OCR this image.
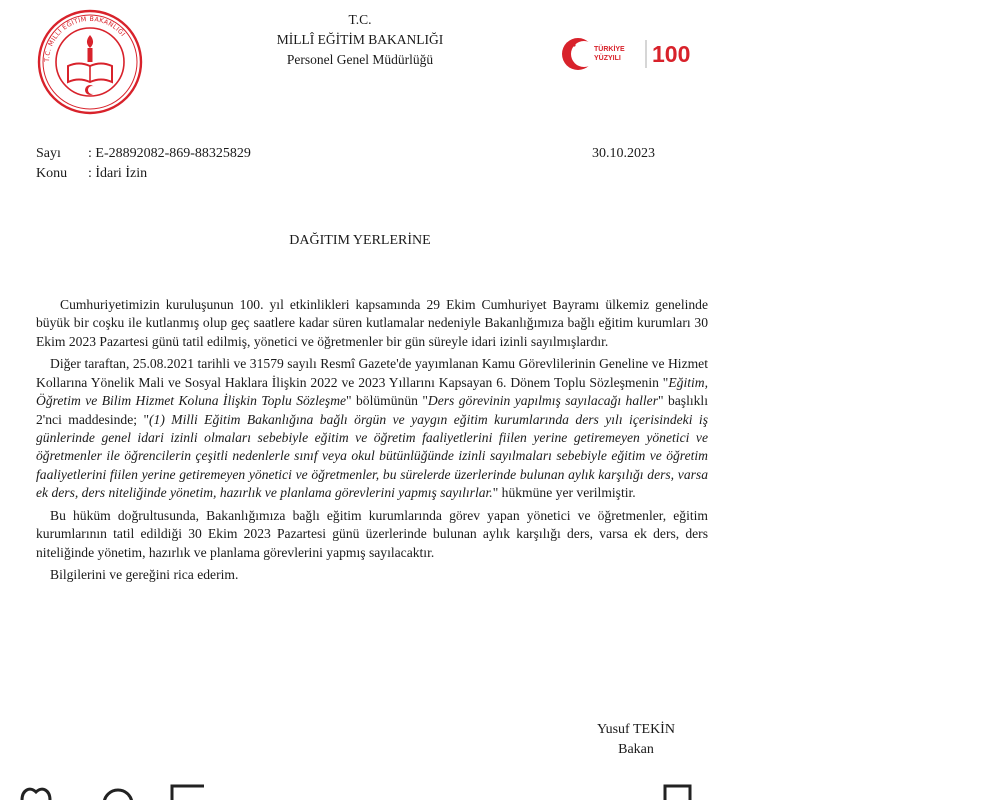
T.C. MİLLÎ EĞİTİM BAKANLIĞI
T.C.
MİLLÎ EĞİTİM BAKANLIĞI
Personel Genel Müdürlüğü
TÜRKİYE
YÜZYILI 100
Sayı : E-28892082-869-88325829
Konu : İdari İzin
30.10.2023
DAĞITIM YERLERİNE

Cumhuriyetimizin kuruluşunun 100. yıl etkinlikleri kapsamında 29 Ekim Cumhuriyet Bayramı ülkemiz genelinde büyük bir coşku ile kutlanmış olup geç saatlere kadar süren kutlamalar nedeniyle Bakanlığımıza bağlı eğitim kurumları 30 Ekim 2023 Pazartesi günü tatil edilmiş, yönetici ve öğretmenler bir gün süreyle idari izinli sayılmışlardır.

Diğer taraftan, 25.08.2021 tarihli ve 31579 sayılı Resmî Gazete'de yayımlanan Kamu Görevlilerinin Geneline ve Hizmet Kollarına Yönelik Mali ve Sosyal Haklara İlişkin 2022 ve 2023 Yıllarını Kapsayan 6. Dönem Toplu Sözleşmenin "Eğitim, Öğretim ve Bilim Hizmet Koluna İlişkin Toplu Sözleşme" bölümünün "Ders görevinin yapılmış sayılacağı haller" başlıklı 2'nci maddesinde; "(1) Milli Eğitim Bakanlığına bağlı örgün ve yaygın eğitim kurumlarında ders yılı içerisindeki iş günlerinde genel idari izinli olmaları sebebiyle eğitim ve öğretim faaliyetlerini fiilen yerine getiremeyen yönetici ve öğretmenler ile öğrencilerin çeşitli nedenlerle sınıf veya okul bütünlüğünde izinli sayılmaları sebebiyle eğitim ve öğretim faaliyetlerini fiilen yerine getiremeyen yönetici ve öğretmenler, bu sürelerde üzerlerinde bulunan aylık karşılığı ders, varsa ek ders, ders niteliğinde yönetim, hazırlık ve planlama görevlerini yapmış sayılırlar." hükmüne yer verilmiştir.

Bu hüküm doğrultusunda, Bakanlığımıza bağlı eğitim kurumlarında görev yapan yönetici ve öğretmenler, eğitim kurumlarının tatil edildiği 30 Ekim 2023 Pazartesi günü üzerlerinde bulunan aylık karşılığı ders, varsa ek ders, ders niteliğinde yönetim, hazırlık ve planlama görevlerini yapmış sayılacaktır.

Bilgilerini ve gereğini rica ederim.

Yusuf TEKİN
Bakan
